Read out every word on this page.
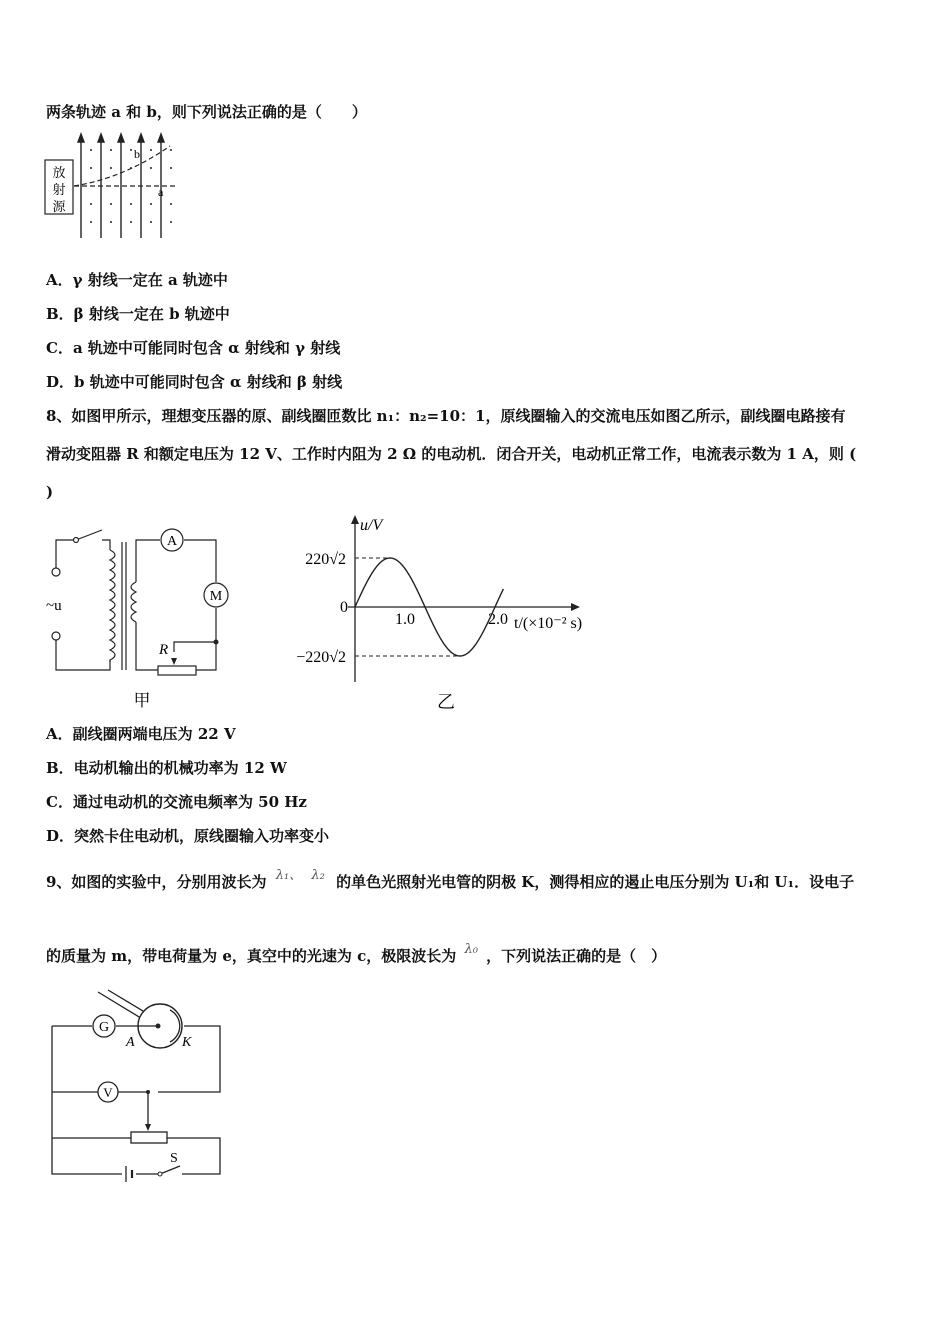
两条轨迹 a 和 b，则下列说法正确的是（　　）
放
射
源
b
a
A．γ 射线一定在 a 轨迹中
B．β 射线一定在 b 轨迹中
C．a 轨迹中可能同时包含 α 射线和 γ 射线
D．b 轨迹中可能同时包含 α 射线和 β 射线
8、如图甲所示，理想变压器的原、副线圈匝数比 n₁：n₂=10：1，原线圈输入的交流电压如图乙所示，副线圈电路接有
滑动变阻器 R 和额定电压为 12 V、工作时内阻为 2 Ω 的电动机．闭合开关，电动机正常工作，电流表示数为 1 A，则 (
)
A
M
R
~u
甲
u/V
t/(×10⁻² s)
0
220√2
−220√2
1.0	2.0
乙
A．副线圈两端电压为 22 V
B．电动机输出的机械功率为 12 W
C．通过电动机的交流电频率为 50 Hz
D．突然卡住电动机，原线圈输入功率变小
9、如图的实验中，分别用波长为 λ₁、 λ₂ 的单色光照射光电管的阴极 K，测得相应的遏止电压分别为 U₁和 U₁．设电子
的质量为 m，带电荷量为 e，真空中的光速为 c，极限波长为 λ₀ ，下列说法正确的是（　）
G
A	K
V
S
